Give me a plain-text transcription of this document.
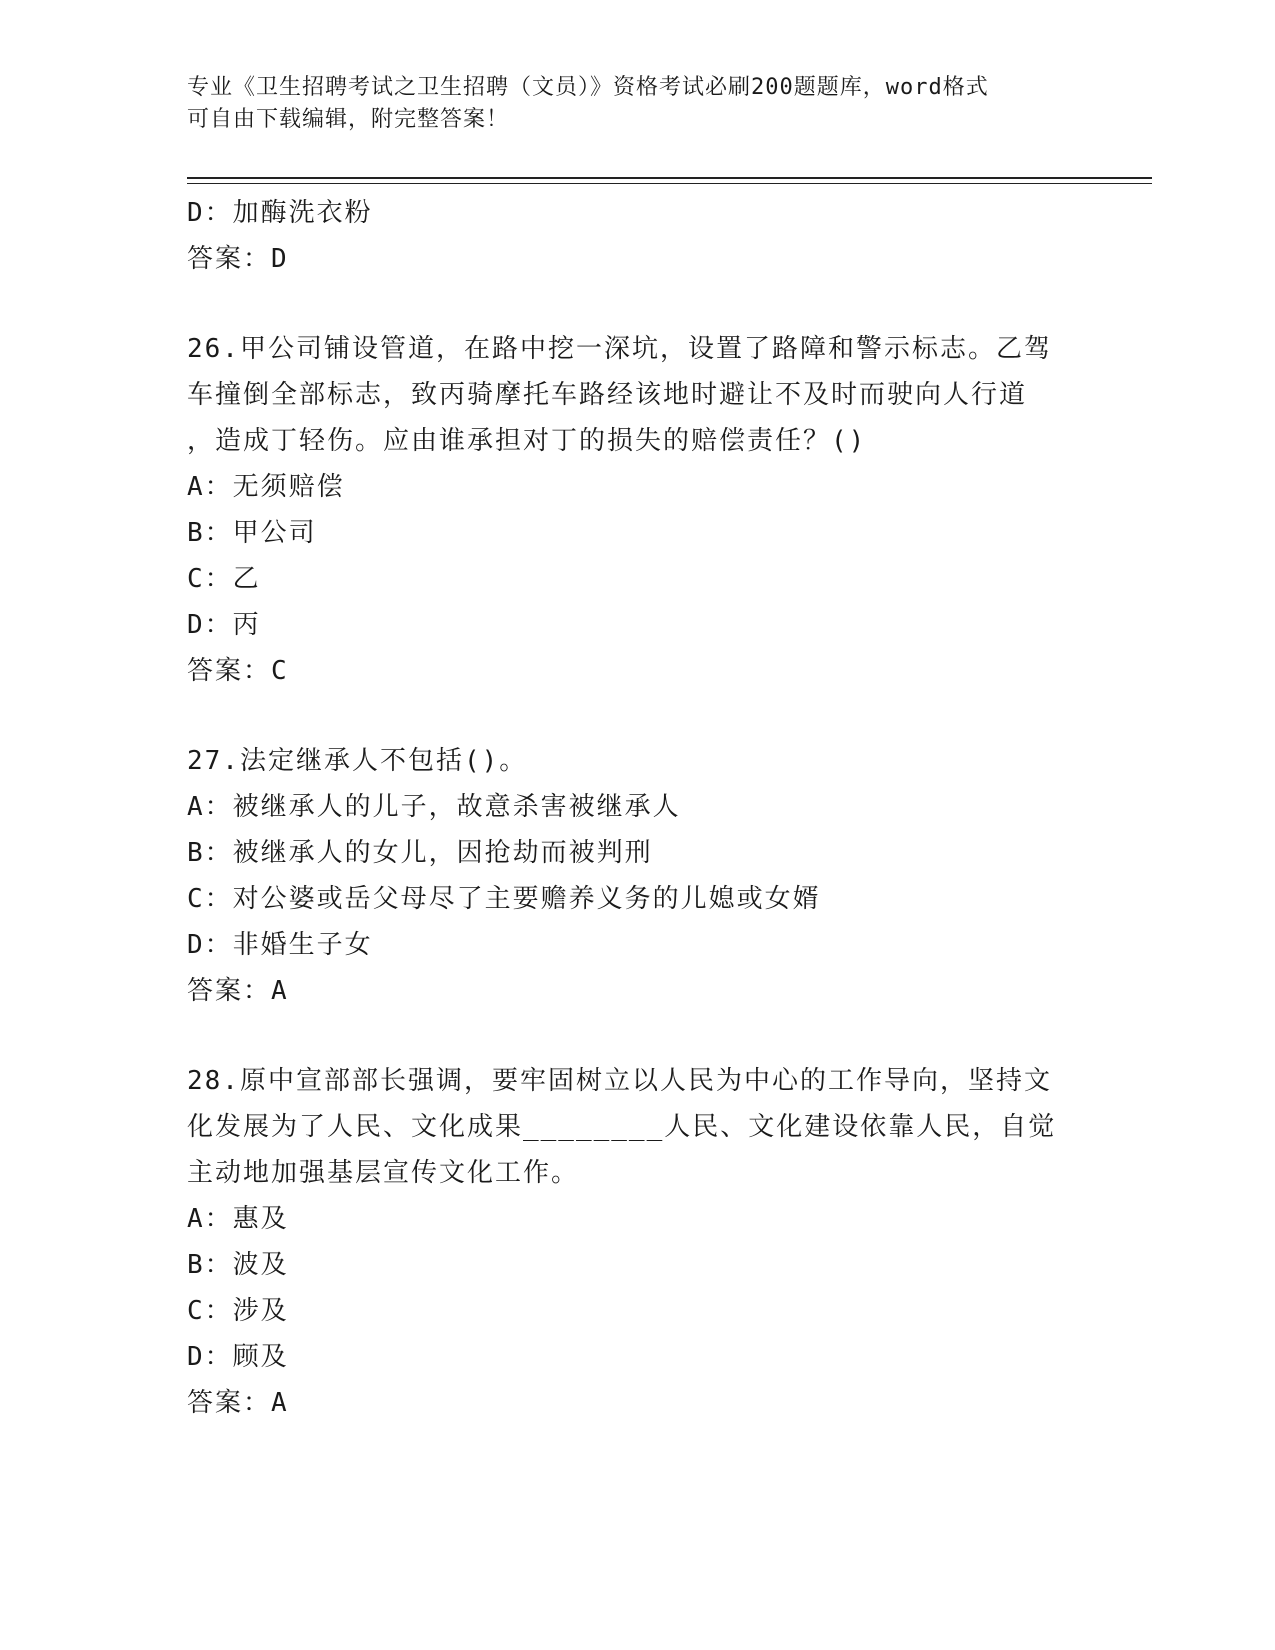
专业《卫生招聘考试之卫生招聘（文员）》资格考试必刷200题题库，word格式

可自由下载编辑，附完整答案！

D：加酶洗衣粉
答案：D
26.甲公司铺设管道，在路中挖一深坑，设置了路障和警示标志。乙驾
车撞倒全部标志，致丙骑摩托车路经该地时避让不及时而驶向人行道
，造成丁轻伤。应由谁承担对丁的损失的赔偿责任？()
A：无须赔偿
B：甲公司
C：乙
D：丙
答案：C
27.法定继承人不包括()。
A：被继承人的儿子，故意杀害被继承人
B：被继承人的女儿，因抢劫而被判刑
C：对公婆或岳父母尽了主要赡养义务的儿媳或女婿
D：非婚生子女
答案：A
28.原中宣部部长强调，要牢固树立以人民为中心的工作导向，坚持文
化发展为了人民、文化成果________人民、文化建设依靠人民，自觉
主动地加强基层宣传文化工作。
A：惠及
B：波及
C：涉及
D：顾及
答案：A
